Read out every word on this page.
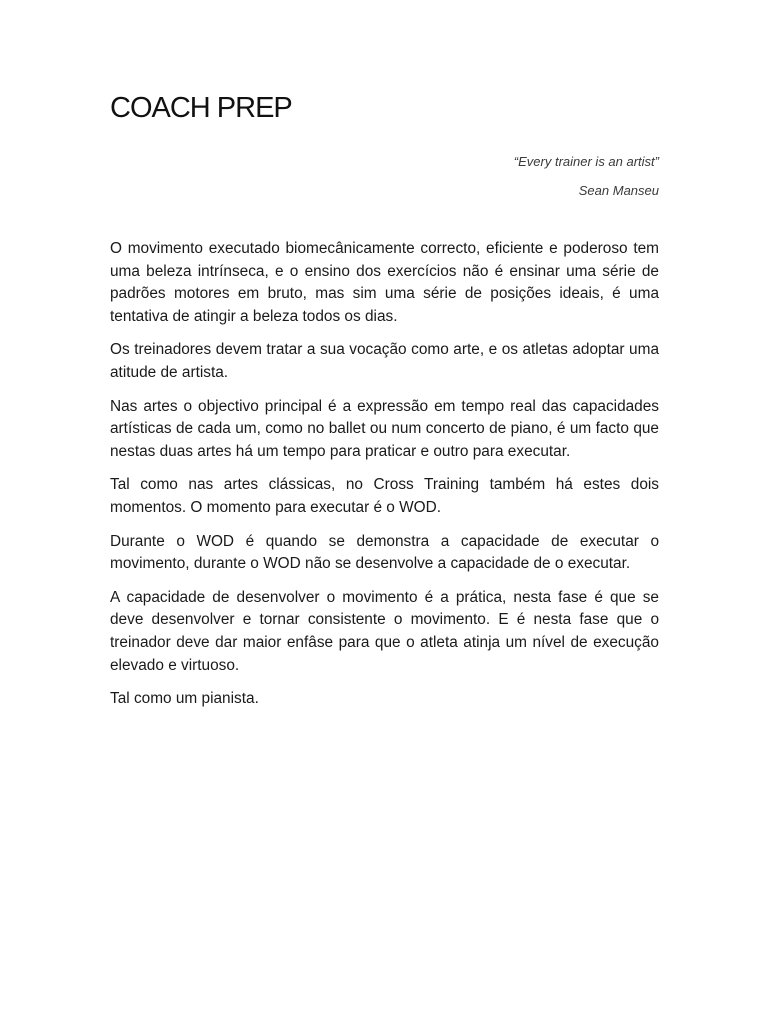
COACH PREP
“Every trainer is an artist”
Sean Manseu

O movimento executado biomecânicamente correcto, eficiente e poderoso tem uma beleza intrínseca, e o ensino dos exercícios não é ensinar uma série de padrões motores em bruto, mas sim uma série de posições ideais, é uma tentativa de atingir a beleza todos os dias.

Os treinadores devem tratar a sua vocação como arte, e os atletas adoptar uma atitude de artista.

Nas artes o objectivo principal é a expressão em tempo real das capacidades artísticas de cada um, como no ballet ou num concerto de piano, é um facto que nestas duas artes há um tempo para praticar e outro para executar.

Tal como nas artes clássicas, no Cross Training também há estes dois momentos. O momento para executar é o WOD.

Durante o WOD é quando se demonstra a capacidade de executar o movimento, durante o WOD não se desenvolve a capacidade de o executar.

A capacidade de desenvolver o movimento é a prática, nesta fase é que se deve desenvolver e tornar consistente o movimento. E é nesta fase que o treinador deve dar maior enfâse para que o atleta atinja um nível de execução elevado e virtuoso.

Tal como um pianista.
